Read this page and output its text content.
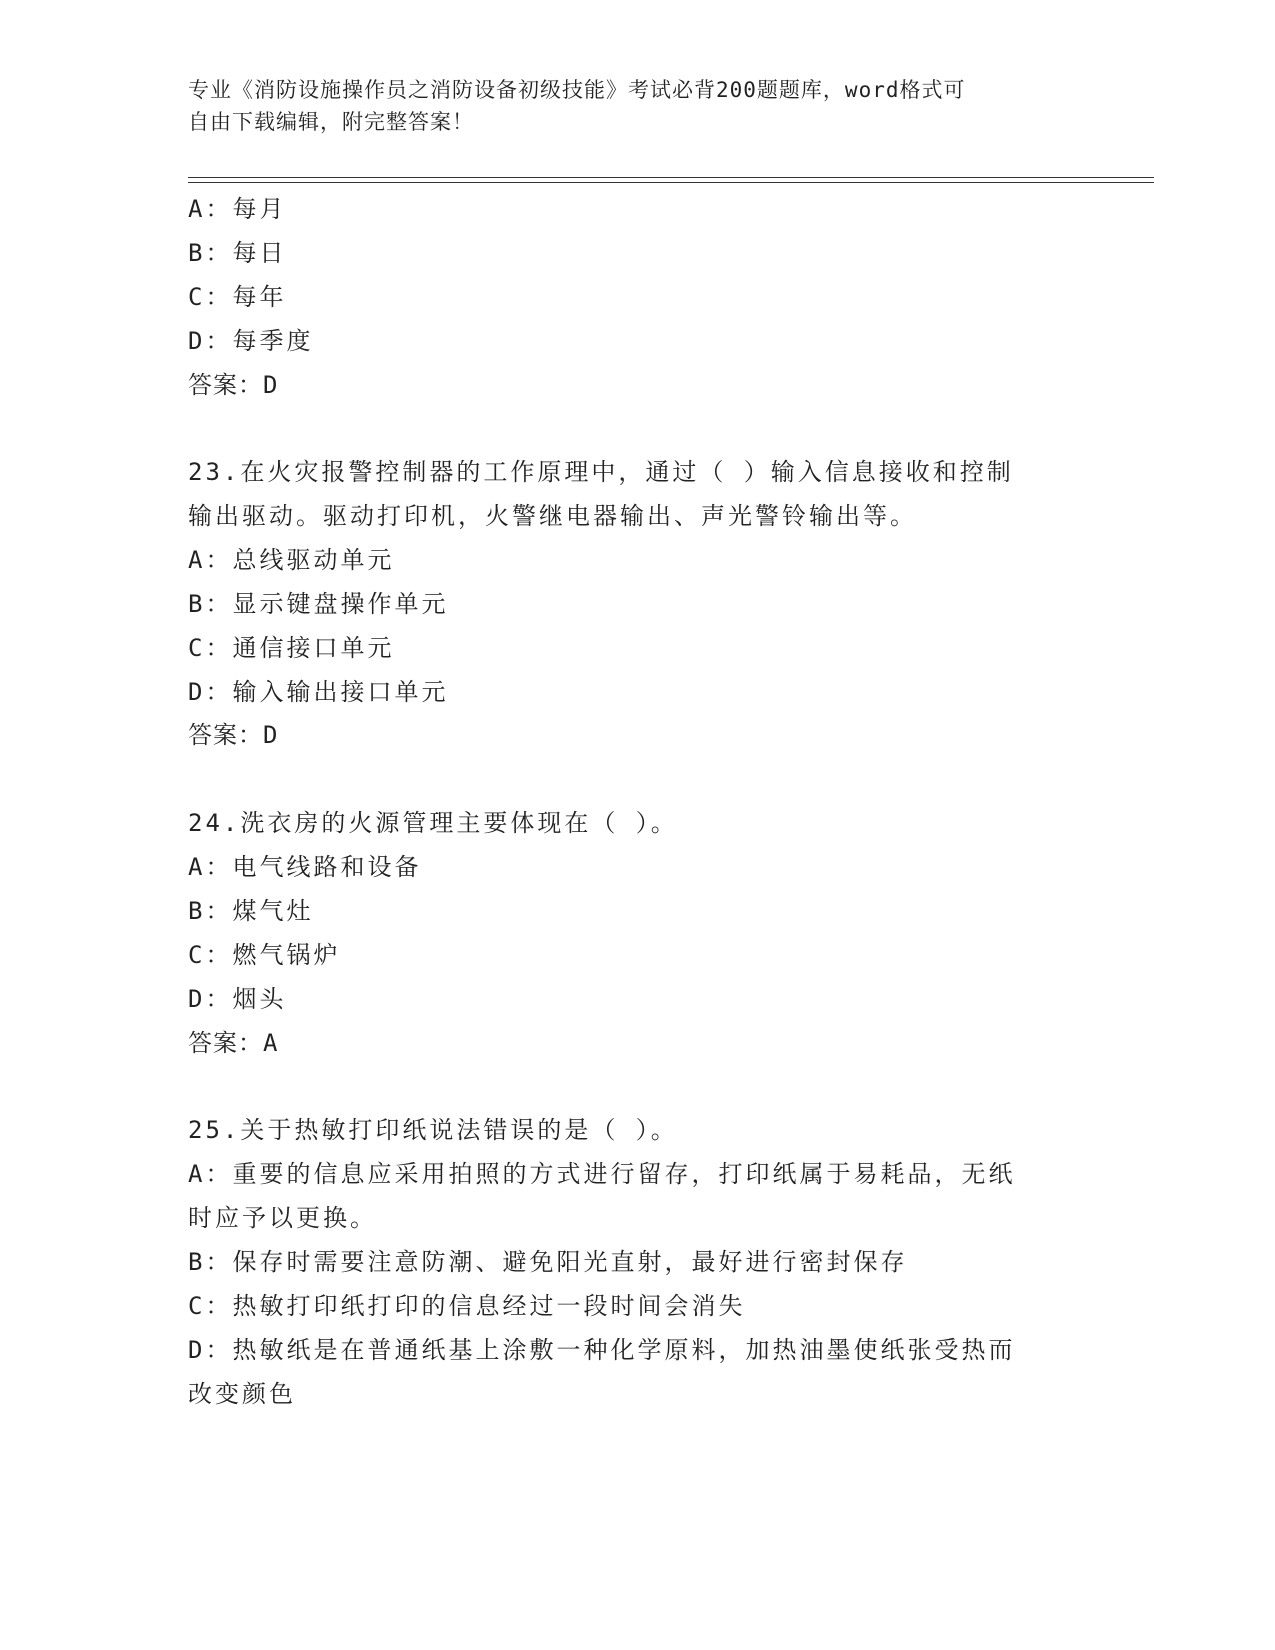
专业《消防设施操作员之消防设备初级技能》考试必背200题题库，word格式可
自由下载编辑，附完整答案！
A：每月
B：每日
C：每年
D：每季度
答案：D
23.在火灾报警控制器的工作原理中，通过（ ）输入信息接收和控制
输出驱动。驱动打印机，火警继电器输出、声光警铃输出等。
A：总线驱动单元
B：显示键盘操作单元
C：通信接口单元
D：输入输出接口单元
答案：D
24.洗衣房的火源管理主要体现在（ ）。
A：电气线路和设备
B：煤气灶
C：燃气锅炉
D：烟头
答案：A
25.关于热敏打印纸说法错误的是（ ）。
A：重要的信息应采用拍照的方式进行留存，打印纸属于易耗品，无纸
时应予以更换。
B：保存时需要注意防潮、避免阳光直射，最好进行密封保存
C：热敏打印纸打印的信息经过一段时间会消失
D：热敏纸是在普通纸基上涂敷一种化学原料，加热油墨使纸张受热而
改变颜色
